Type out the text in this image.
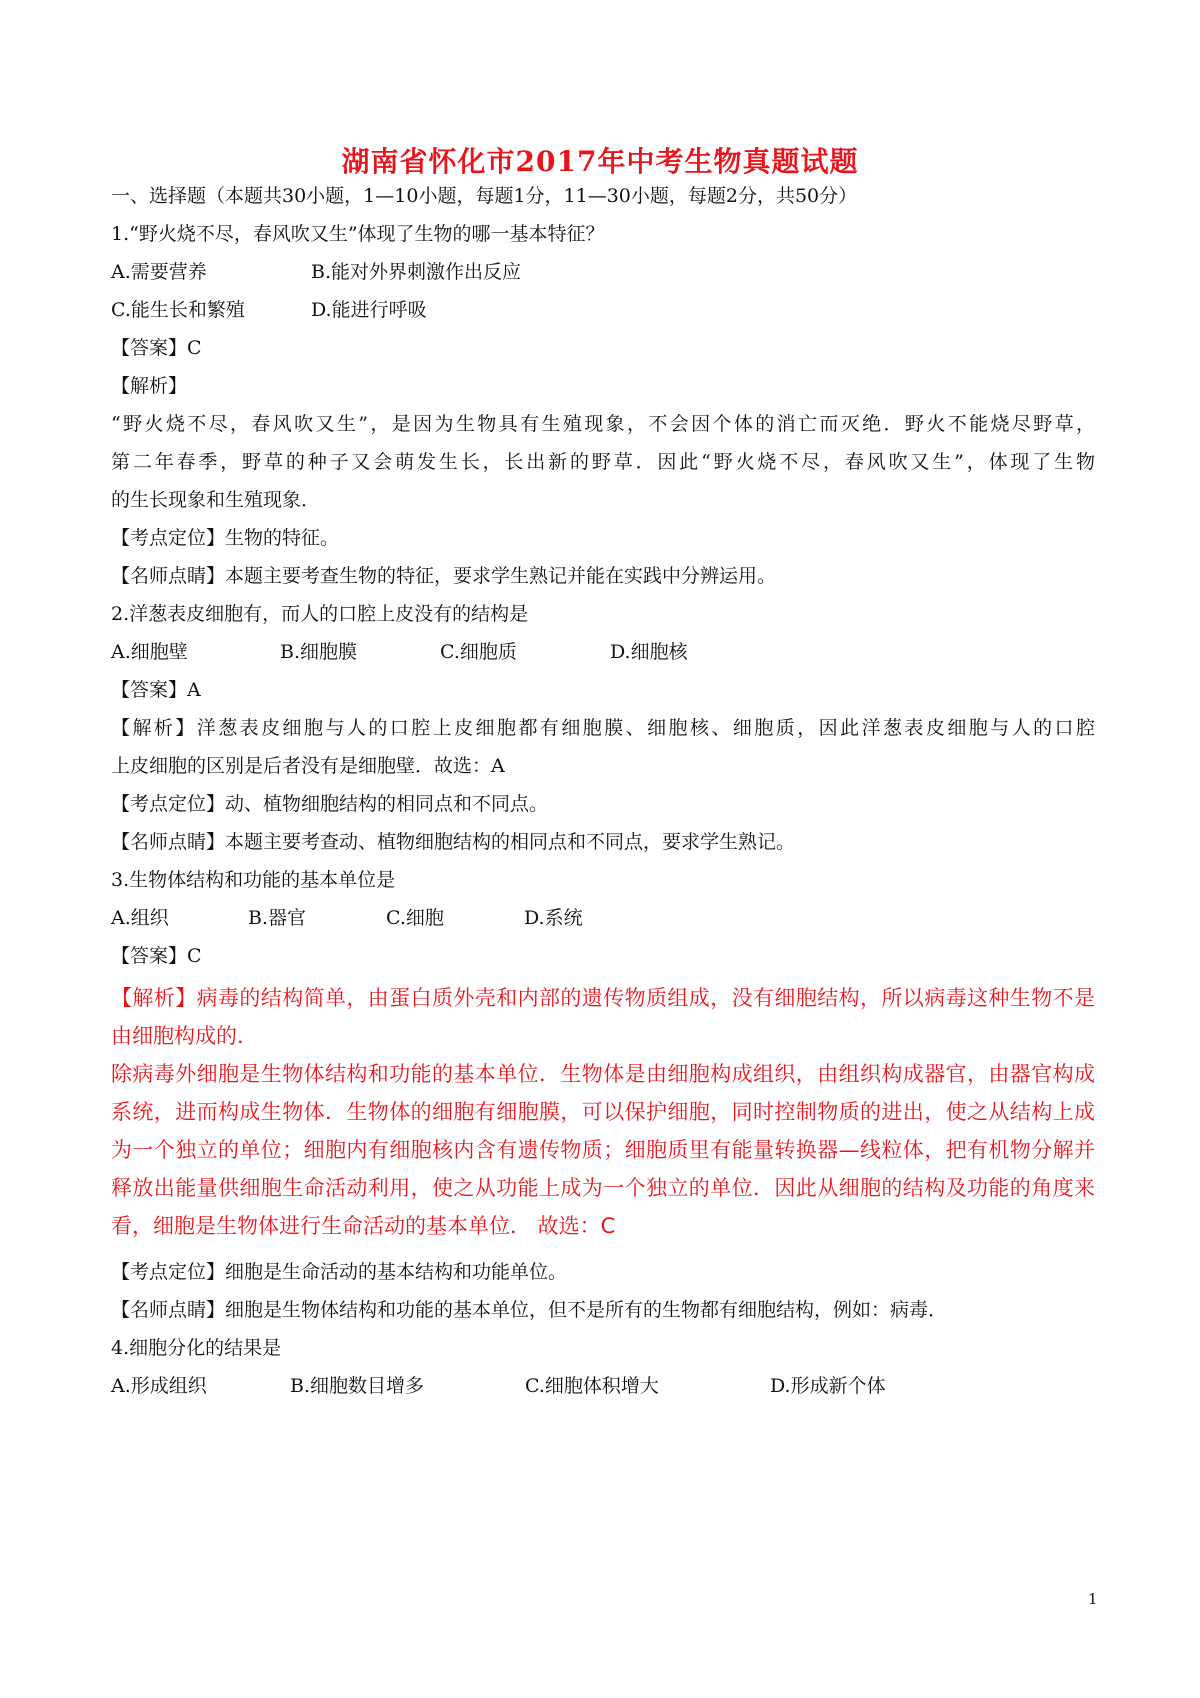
湖南省怀化市2017年中考生物真题试题
一、选择题（本题共30小题，1—10小题，每题1分，11—30小题，每题2分，共50分）
1.“野火烧不尽，春风吹又生”体现了生物的哪一基本特征？
A.需要营养	B.能对外界刺激作出反应
C.能生长和繁殖	D.能进行呼吸
【答案】C
【解析】
“野火烧不尽，春风吹又生”，是因为生物具有生殖现象，不会因个体的消亡而灭绝．野火不能烧尽野草，
第二年春季，野草的种子又会萌发生长，长出新的野草．因此“野火烧不尽，春风吹又生”，体现了生物
的生长现象和生殖现象．
【考点定位】生物的特征。
【名师点睛】本题主要考查生物的特征，要求学生熟记并能在实践中分辨运用。
2.洋葱表皮细胞有，而人的口腔上皮没有的结构是
A.细胞壁	B.细胞膜	C.细胞质	D.细胞核
【答案】A
【解析】洋葱表皮细胞与人的口腔上皮细胞都有细胞膜、细胞核、细胞质，因此洋葱表皮细胞与人的口腔
上皮细胞的区别是后者没有是细胞壁．故选：A
【考点定位】动、植物细胞结构的相同点和不同点。
【名师点睛】本题主要考查动、植物细胞结构的相同点和不同点，要求学生熟记。
3.生物体结构和功能的基本单位是
A.组织	B.器官	C.细胞	D.系统
【答案】C
【解析】病毒的结构简单，由蛋白质外壳和内部的遗传物质组成，没有细胞结构，所以病毒这种生物不是
由细胞构成的．
除病毒外细胞是生物体结构和功能的基本单位．生物体是由细胞构成组织，由组织构成器官，由器官构成
系统，进而构成生物体．生物体的细胞有细胞膜，可以保护细胞，同时控制物质的进出，使之从结构上成
为一个独立的单位；细胞内有细胞核内含有遗传物质；细胞质里有能量转换器—线粒体，把有机物分解并
释放出能量供细胞生命活动利用，使之从功能上成为一个独立的单位．因此从细胞的结构及功能的角度来
看，细胞是生物体进行生命活动的基本单位． 故选：C
【考点定位】细胞是生命活动的基本结构和功能单位。
【名师点睛】细胞是生物体结构和功能的基本单位，但不是所有的生物都有细胞结构，例如：病毒．
4.细胞分化的结果是
A.形成组织	B.细胞数目增多	C.细胞体积增大	D.形成新个体
1
